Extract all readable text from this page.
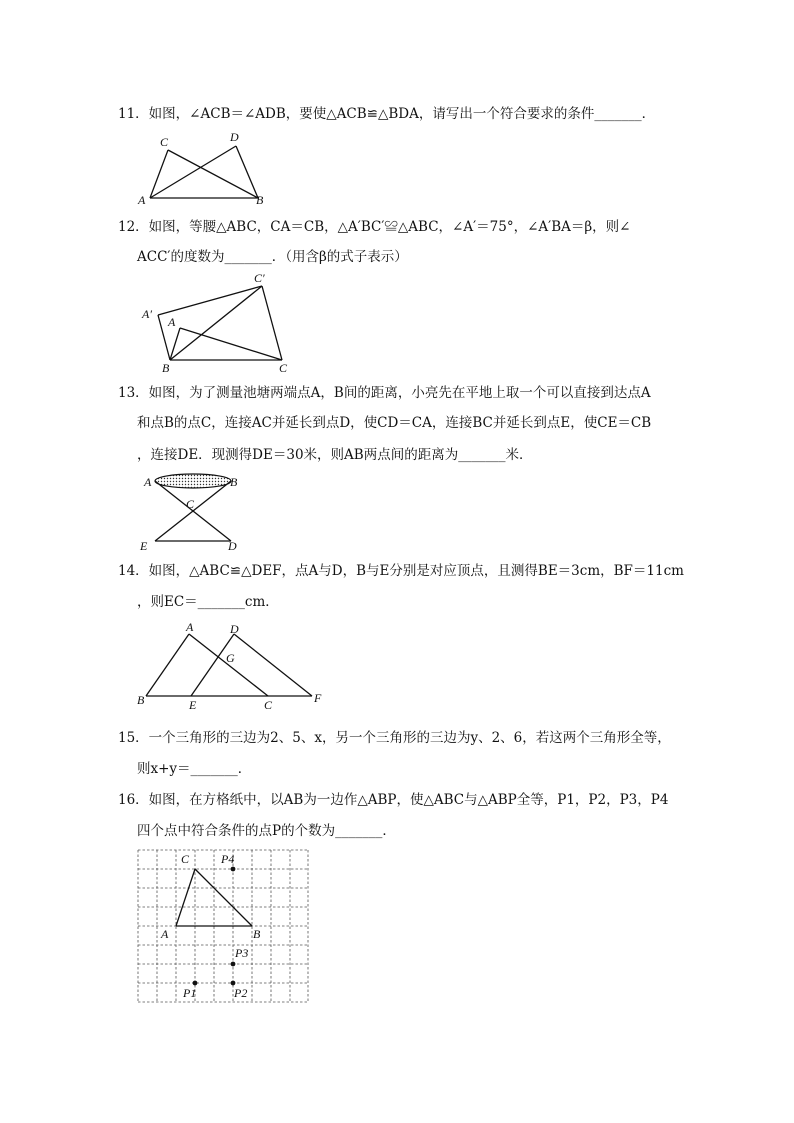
11．如图，∠ACB＝∠ADB，要使△ACB≌△BDA，请写出一个符合要求的条件_______．
C	D
A	B
12．如图，等腰△ABC，CA＝CB，△A′BC′≌△ABC，∠A′＝75°，∠A′BA＝β，则∠
ACC′的度数为_______．（用含β的式子表示）
A′
A
B	C
C′
13．如图，为了测量池塘两端点A，B间的距离，小亮先在平地上取一个可以直接到达点A
和点B的点C，连接AC并延长到点D，使CD＝CA，连接BC并延长到点E，使CE＝CB
，连接DE．现测得DE＝30米，则AB两点间的距离为_______米．
A	B
C
E	D
14．如图，△ABC≌△DEF，点A与D，B与E分别是对应顶点，且测得BE＝3cm，BF＝11cm
，则EC＝_______cm．
A	D
G
B	E	C	F
15．一个三角形的三边为2、5、x，另一个三角形的三边为y、2、6，若这两个三角形全等，
则x+y＝_______．
16．如图，在方格纸中，以AB为一边作△ABP，使△ABC与△ABP全等，P1，P2，P3，P4
四个点中符合条件的点P的个数为_______．
C	P4
A	B
P3
P1	P2
